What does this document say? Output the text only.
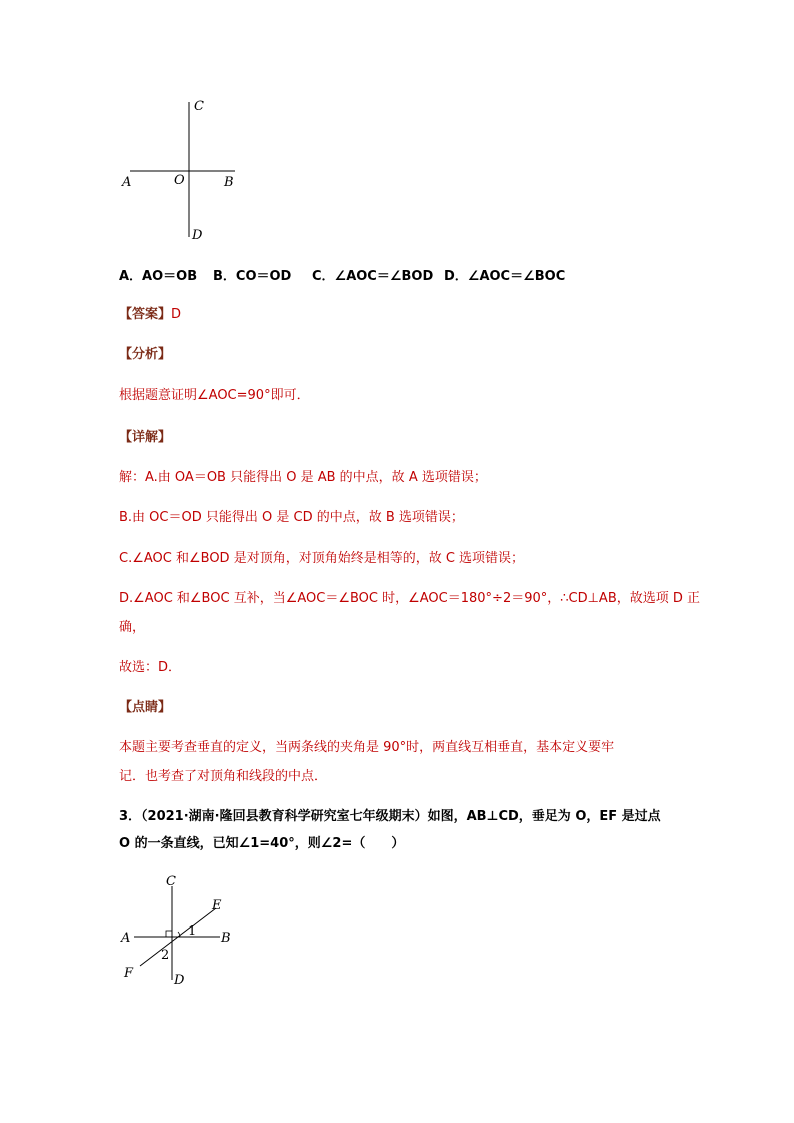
C
A	O	B
D
A．AO＝OB B．CO＝OD C．∠AOC＝∠BOD D．∠AOC＝∠BOC
【答案】D
【分析】
根据题意证明∠AOC=90°即可．
【详解】
解：A.由 OA＝OB 只能得出 O 是 AB 的中点，故 A 选项错误；
B.由 OC＝OD 只能得出 O 是 CD 的中点，故 B 选项错误；
C.∠AOC 和∠BOD 是对顶角，对顶角始终是相等的，故 C 选项错误；
D.∠AOC 和∠BOC 互补，当∠AOC＝∠BOC 时，∠AOC＝180°÷2＝90°，∴CD⊥AB，故选项 D 正
确，
故选：D．
【点睛】
本题主要考查垂直的定义，当两条线的夹角是 90°时，两直线互相垂直，基本定义要牢
记．也考查了对顶角和线段的中点．
3．（2021·湖南·隆回县教育科学研究室七年级期末）如图，AB⊥CD，垂足为 O，EF 是过点
O 的一条直线，已知∠1=40°，则∠2=（　　）
C
E
A	B
1
2
F	D
